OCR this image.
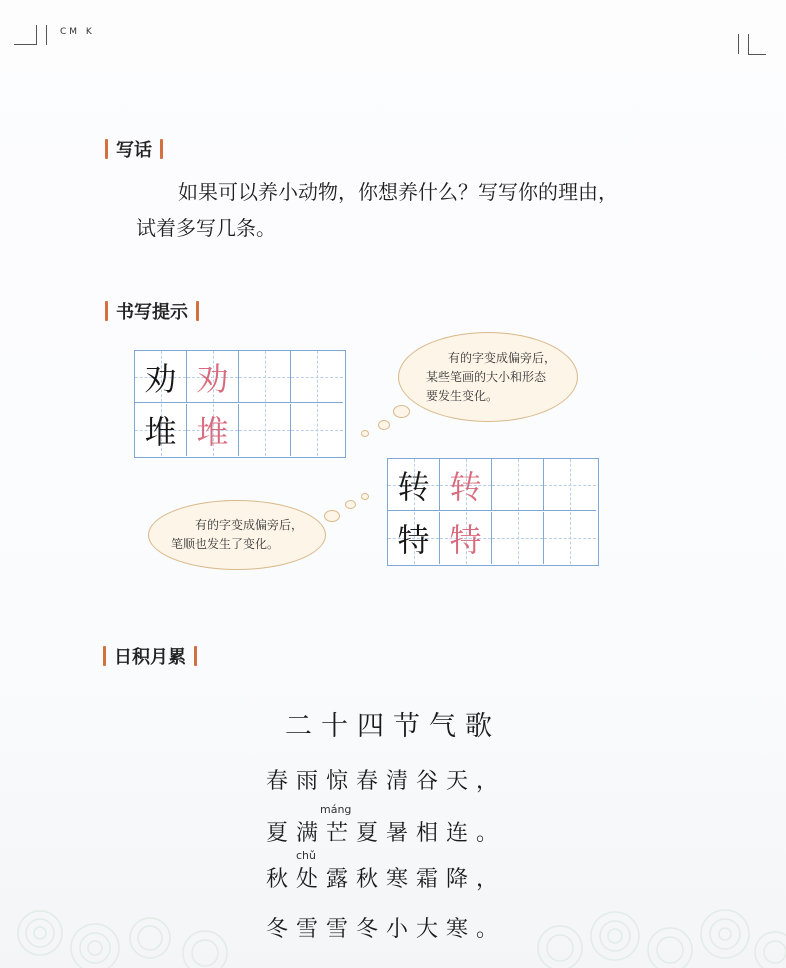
CM K
写话
如果可以养小动物，你想养什么？写写你的理由，
试着多写几条。
书写提示
劝 劝
堆 堆
有的字变成偏旁后，
某些笔画的大小和形态
要发生变化。
转 转
特 特
有的字变成偏旁后，
笔顺也发生了变化。
日积月累
二十四节气歌
春雨惊春清谷天，
máng
夏满芒夏暑相连。
chǔ
秋处露秋寒霜降，
冬雪雪冬小大寒。
